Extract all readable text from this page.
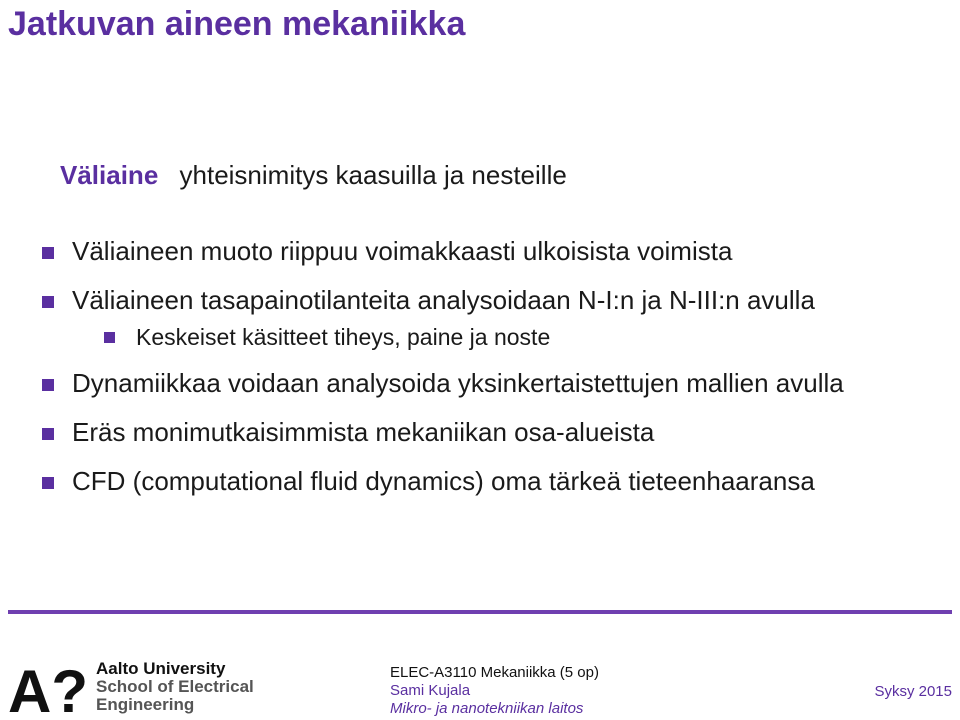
Jatkuvan aineen mekaniikka
Väliaine yhteisnimitys kaasuilla ja nesteille
Väliaineen muoto riippuu voimakkaasti ulkoisista voimista
Väliaineen tasapainotilanteita analysoidaan N-I:n ja N-III:n avulla
Keskeiset käsitteet tiheys, paine ja noste
Dynamiikkaa voidaan analysoida yksinkertaistettujen mallien avulla
Eräs monimutkaisimmista mekaniikan osa-alueista
CFD (computational fluid dynamics) oma tärkeä tieteenhaaransa
A? Aalto University
School of Electrical
Engineering
ELEC-A3110 Mekaniikka (5 op)
Sami Kujala
Mikro- ja nanotekniikan laitos
Syksy 2015
